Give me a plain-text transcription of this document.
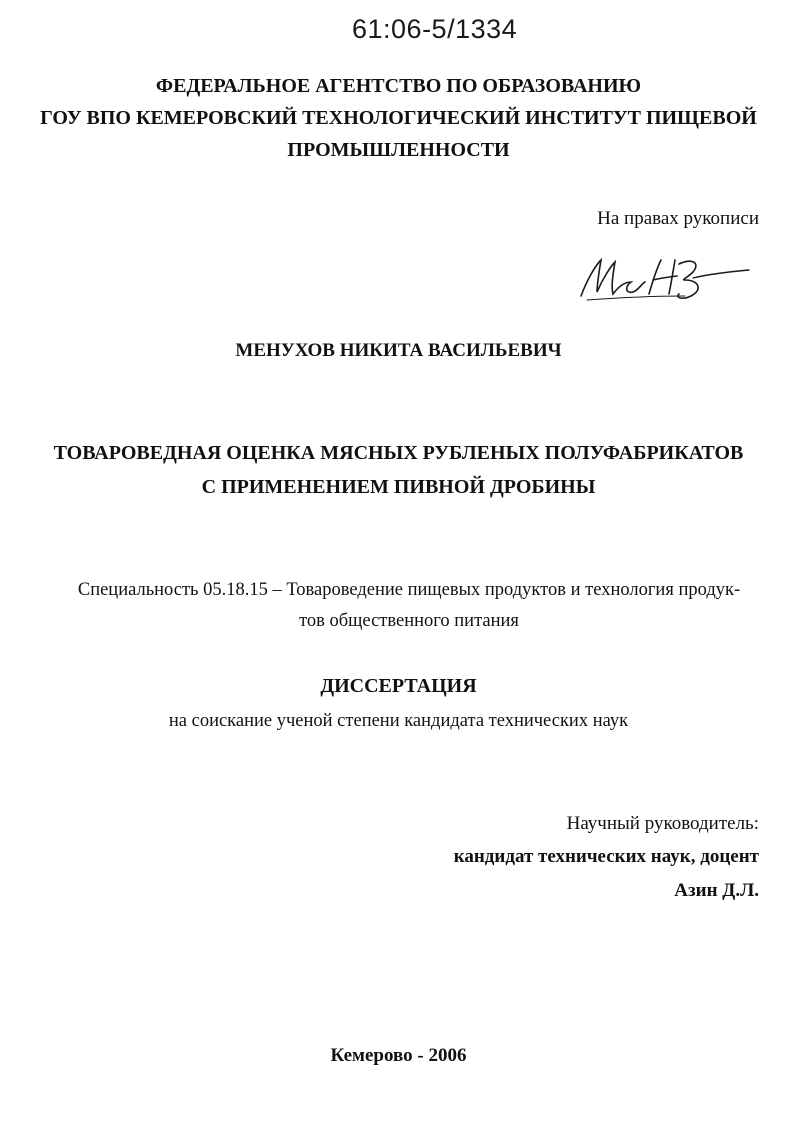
61:06-5/1334
ФЕДЕРАЛЬНОЕ АГЕНТСТВО ПО ОБРАЗОВАНИЮ
ГОУ ВПО КЕМЕРОВСКИЙ ТЕХНОЛОГИЧЕСКИЙ ИНСТИТУТ ПИЩЕВОЙ
ПРОМЫШЛЕННОСТИ
На правах рукописи
МЕНУХОВ НИКИТА ВАСИЛЬЕВИЧ
ТОВАРОВЕДНАЯ ОЦЕНКА МЯСНЫХ РУБЛЕНЫХ ПОЛУФАБРИКАТОВ
С ПРИМЕНЕНИЕМ ПИВНОЙ ДРОБИНЫ
Специальность 05.18.15 – Товароведение пищевых продуктов и технология продук-
тов общественного питания
ДИССЕРТАЦИЯ
на соискание ученой степени кандидата технических наук
Научный руководитель:
кандидат технических наук, доцент
Азин Д.Л.
Кемерово - 2006
